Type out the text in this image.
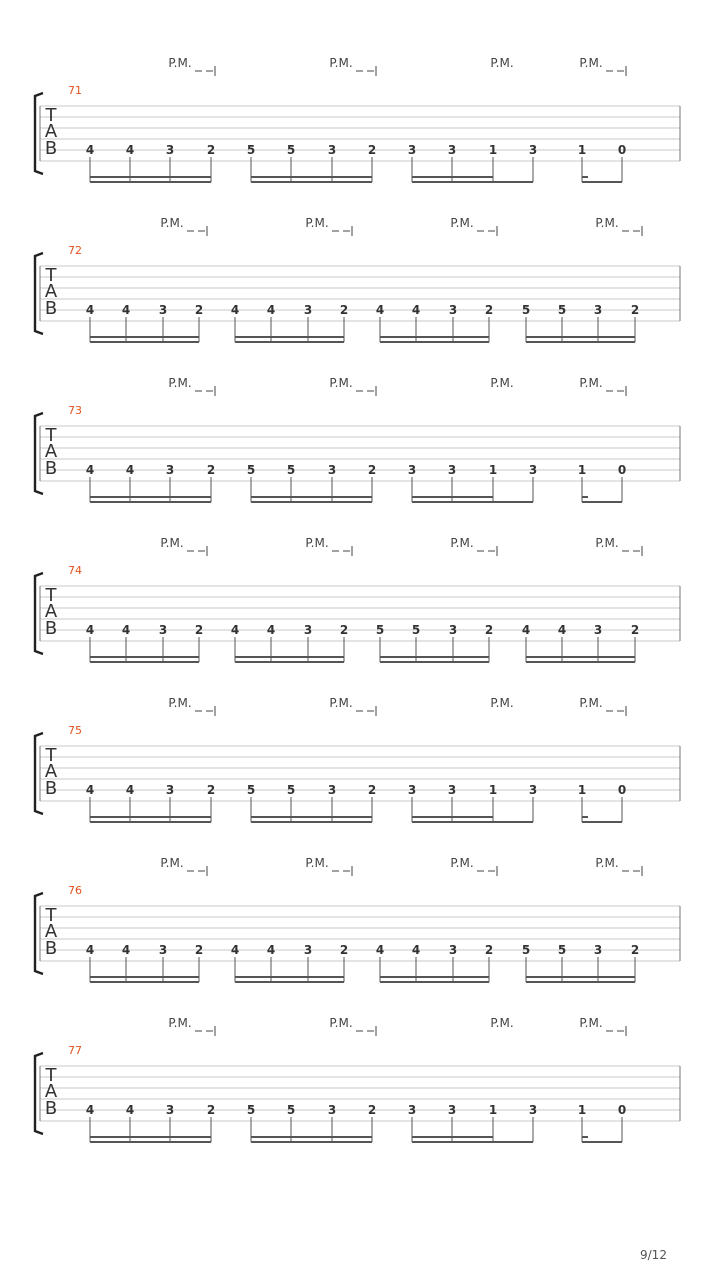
T
A
B
71
4	4	3	2
P.M.
5	5	3	2
P.M.
3	3	1	3
P.M.
1	0
P.M.
T
A
B
72
4 4 3 2
P.M.
4 4 3 2
P.M.
4 4 3 2
P.M.
5 5 3 2
P.M.
T
A
B
73
4	4	3	2
P.M.
5	5	3	2
P.M.
3	3	1	3
P.M.
1	0
P.M.
T
A
B
74
4 4 3 2
P.M.
4 4 3 2
P.M.
5 5 3 2
P.M.
4 4 3 2
P.M.
T
A
B
75
4	4	3	2
P.M.
5	5	3	2
P.M.
3	3	1	3
P.M.
1	0
P.M.
T
A
B
76
4 4 3 2
P.M.
4 4 3 2
P.M.
4 4 3 2
P.M.
5 5 3 2
P.M.
T
A
B
77
4	4	3	2
P.M.
5	5	3	2
P.M.
3	3	1	3
P.M.
1	0
P.M.
9/12
